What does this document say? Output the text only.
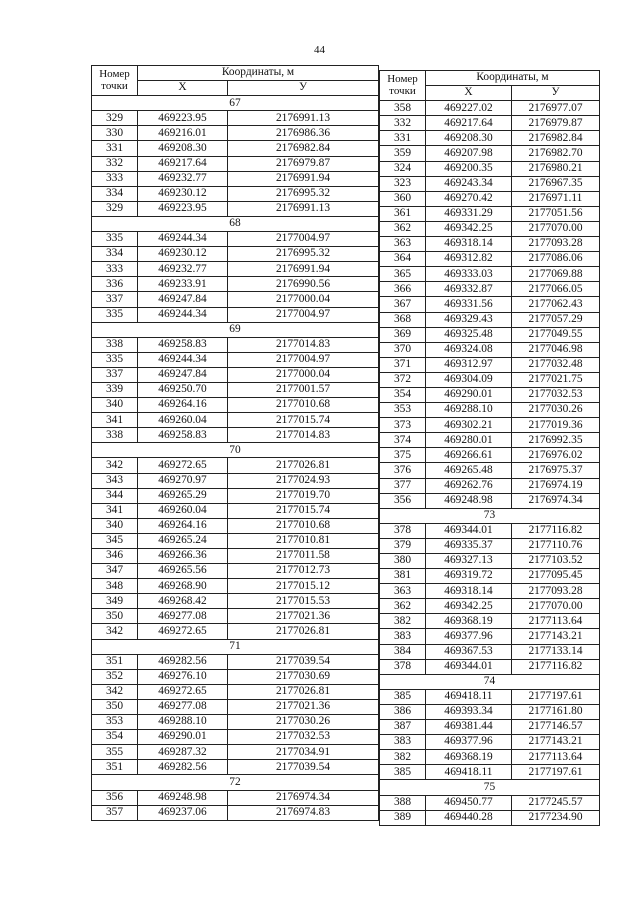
44
Номер
точки	Координаты, м	
	X	У
67		
329	469223.95	2176991.13
330	469216.01	2176986.36
331	469208.30	2176982.84
332	469217.64	2176979.87
333	469232.77	2176991.94
334	469230.12	2176995.32
329	469223.95	2176991.13
68		
335	469244.34	2177004.97
334	469230.12	2176995.32
333	469232.77	2176991.94
336	469233.91	2176990.56
337	469247.84	2177000.04
335	469244.34	2177004.97
69		
338	469258.83	2177014.83
335	469244.34	2177004.97
337	469247.84	2177000.04
339	469250.70	2177001.57
340	469264.16	2177010.68
341	469260.04	2177015.74
338	469258.83	2177014.83
70		
342	469272.65	2177026.81
343	469270.97	2177024.93
344	469265.29	2177019.70
341	469260.04	2177015.74
340	469264.16	2177010.68
345	469265.24	2177010.81
346	469266.36	2177011.58
347	469265.56	2177012.73
348	469268.90	2177015.12
349	469268.42	2177015.53
350	469277.08	2177021.36
342	469272.65	2177026.81
71		
351	469282.56	2177039.54
352	469276.10	2177030.69
342	469272.65	2177026.81
350	469277.08	2177021.36
353	469288.10	2177030.26
354	469290.01	2177032.53
355	469287.32	2177034.91
351	469282.56	2177039.54
72		
356	469248.98	2176974.34
357	469237.06	2176974.83
Номер
точки	Координаты, м	
	X	У
358	469227.02	2176977.07
332	469217.64	2176979.87
331	469208.30	2176982.84
359	469207.98	2176982.70
324	469200.35	2176980.21
323	469243.34	2176967.35
360	469270.42	2176971.11
361	469331.29	2177051.56
362	469342.25	2177070.00
363	469318.14	2177093.28
364	469312.82	2177086.06
365	469333.03	2177069.88
366	469332.87	2177066.05
367	469331.56	2177062.43
368	469329.43	2177057.29
369	469325.48	2177049.55
370	469324.08	2177046.98
371	469312.97	2177032.48
372	469304.09	2177021.75
354	469290.01	2177032.53
353	469288.10	2177030.26
373	469302.21	2177019.36
374	469280.01	2176992.35
375	469266.61	2176976.02
376	469265.48	2176975.37
377	469262.76	2176974.19
356	469248.98	2176974.34
73		
378	469344.01	2177116.82
379	469335.37	2177110.76
380	469327.13	2177103.52
381	469319.72	2177095.45
363	469318.14	2177093.28
362	469342.25	2177070.00
382	469368.19	2177113.64
383	469377.96	2177143.21
384	469367.53	2177133.14
378	469344.01	2177116.82
74		
385	469418.11	2177197.61
386	469393.34	2177161.80
387	469381.44	2177146.57
383	469377.96	2177143.21
382	469368.19	2177113.64
385	469418.11	2177197.61
75		
388	469450.77	2177245.57
389	469440.28	2177234.90
